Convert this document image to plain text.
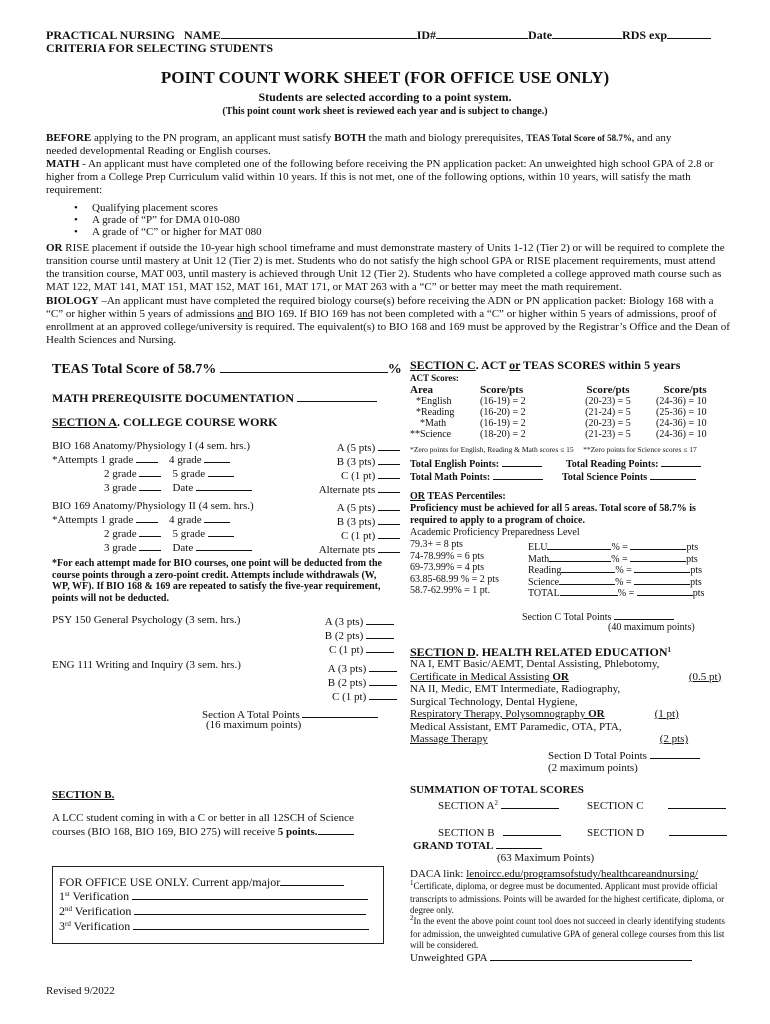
PRACTICAL NURSING NAME	ID#	Date	RDS exp
CRITERIA FOR SELECTING STUDENTS
POINT COUNT WORK SHEET (FOR OFFICE USE ONLY)
Students are selected according to a point system.
(This point count work sheet is reviewed each year and is subject to change.)
BEFORE applying to the PN program, an applicant must satisfy BOTH the math and biology prerequisites, TEAS Total Score of 58.7%, and any
needed developmental Reading or English courses.
MATH - An applicant must have completed one of the following before receiving the PN application packet: An unweighted high school GPA of 2.8 or higher from a College Prep Curriculum valid within 10 years. If this is not met, one of the following options, within 10 years, will satisfy the math requirement:
• Qualifying placement scores
• A grade of “P” for DMA 010-080
• A grade of “C” or higher for MAT 080
OR RISE placement if outside the 10-year high school timeframe and must demonstrate mastery of Units 1-12 (Tier 2) or will be required to complete the transition course until mastery at Unit 12 (Tier 2) is met. Students who do not satisfy the high school GPA or RISE placement requirements, must attend the transition course, MAT 003, until mastery is achieved through Unit 12 (Tier 2). Students who have completed a college approved math course such as MAT 122, MAT 141, MAT 151, MAT 152, MAT 161, MAT 171, or MAT 263 with a “C” or better may meet the math requirement.
BIOLOGY –An applicant must have completed the required biology course(s) before receiving the ADN or PN application packet: Biology 168 with a “C” or higher within 5 years of admissions and BIO 169. If BIO 169 has not been completed with a “C” or higher within 5 years of admissions, proof of enrollment at an approved college/university is required. The equivalent(s) to BIO 168 and 169 must be approved by the Registrar’s Office and the Dean of Health Sciences and Nursing.
TEAS Total Score of 58.7%	%
MATH PREREQUISITE DOCUMENTATION
SECTION A. COLLEGE COURSE WORK
BIO 168 Anatomy/Physiology I (4 sem. hrs.)
*Attempts 1 grade	4 grade
2 grade	5 grade
3 grade	Date
A (5 pts)
B (3 pts)
C (1 pt)
Alternate pts
BIO 169 Anatomy/Physiology II (4 sem. hrs.)
*Attempts 1 grade	4 grade
2 grade	5 grade
3 grade	Date
A (5 pts)
B (3 pts)
C (1 pt)
Alternate pts
*For each attempt made for BIO courses, one point will be deducted from the course points through a zero-point credit. Attempts include withdrawals (W, WP, WF). If BIO 168 & 169 are repeated to satisfy the five-year requirement, points will not be deducted.
PSY 150 General Psychology (3 sem. hrs.)	A (3 pts)
B (2 pts)
C (1 pt)
ENG 111 Writing and Inquiry (3 sem. hrs.)	A (3 pts)
B (2 pts)
C (1 pt)
Section A Total Points
(16 maximum points)
SECTION B.
A LCC student coming in with a C or better in all 12SCH of Science courses (BIO 168, BIO 169, BIO 275) will receive 5 points.
FOR OFFICE USE ONLY. Current app/major
1st Verification
2nd Verification
3rd Verification
Revised 9/2022
SECTION C. ACT or TEAS SCORES within 5 years
ACT Scores:
Area	Score/pts	Score/pts	Score/pts
*English	(16-19) = 2	(20-23) = 5	(24-36) = 10
*Reading	(16-20) = 2	(21-24) = 5	(25-36) = 10
*Math	(16-19) = 2	(20-23) = 5	(24-36) = 10
**Science	(18-20) = 2	(21-23) = 5	(24-36) = 10
*Zero points for English, Reading & Math scores ≤ 15 **Zero points for Science scores ≤ 17
Total English Points:	Total Reading Points:
Total Math Points:	Total Science Points
OR TEAS Percentiles:
Proficiency must be achieved for all 5 areas. Total score of 58.7% is required to apply to a program of choice.
Academic Proficiency Preparedness Level
79.3+ = 8 pts	ELU	% =	pts
74-78.99% = 6 pts	Math	% =	pts
69-73.99% = 4 pts	Reading	% =	pts
63.85-68.99 % = 2 pts	Science	% =	pts
58.7-62.99% = 1 pt.	TOTAL	% =	pts
Section C Total Points
(40 maximum points)
SECTION D. HEALTH RELATED EDUCATION$^1$
NA I, EMT Basic/AEMT, Dental Assisting, Phlebotomy,
Certificate in Medical Assisting OR	(0.5 pt)
NA II, Medic, EMT Intermediate, Radiography,
Surgical Technology, Dental Hygiene,
Respiratory Therapy, Polysomnography OR	(1 pt)
Medical Assistant, EMT Paramedic, OTA, PTA,
Massage Therapy	(2 pts)
Section D Total Points
(2 maximum points)
SUMMATION OF TOTAL SCORES
SECTION $A^2$	SECTION C
SECTION B	SECTION D
GRAND TOTAL
(63 Maximum Points)
DACA link: lenoircc.edu/programsofstudy/healthcareandnursing/
$^1$Certificate, diploma, or degree must be documented. Applicant must provide official transcripts to admissions. Points will be awarded for the highest certificate, diploma, or degree only.
$^2$In the event the above point count tool does not succeed in clearly identifying students for admission, the unweighted cumulative GPA of general college courses from this list will be considered.
Unweighted GPA
